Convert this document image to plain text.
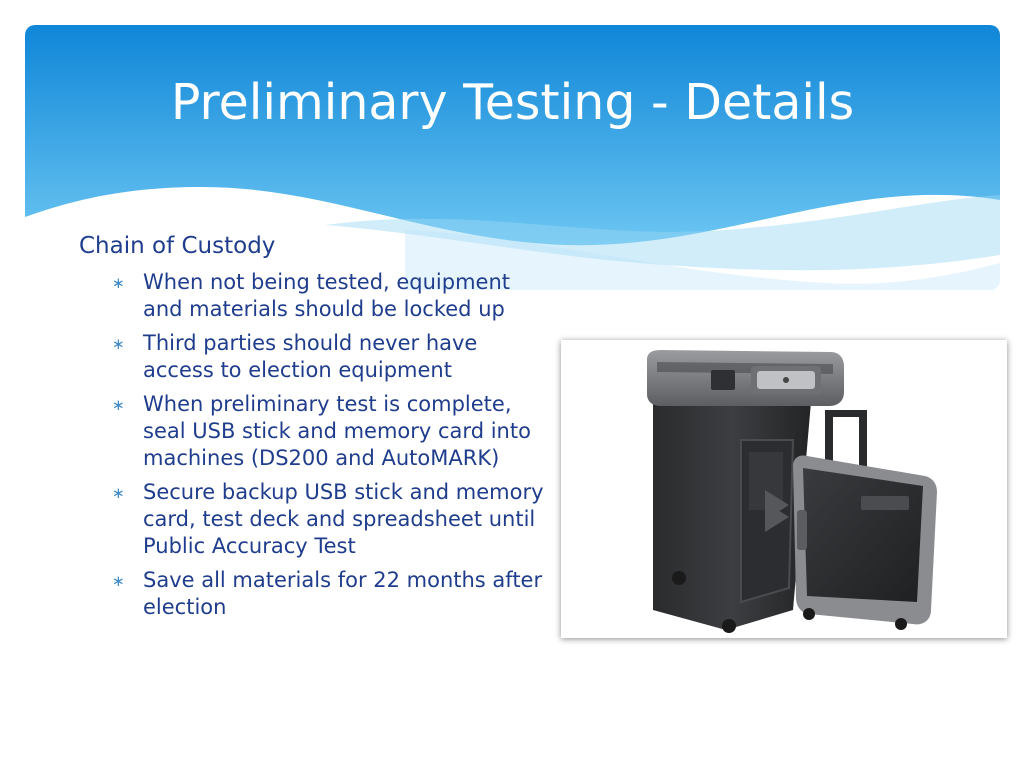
Preliminary Testing - Details
Chain of Custody
∗ When not being tested, equipment and materials should be locked up
∗ Third parties should never have access to election equipment
∗ When preliminary test is complete, seal USB stick and memory card into machines (DS200 and AutoMARK)
∗ Secure backup USB stick and memory card, test deck and spreadsheet until Public Accuracy Test
∗ Save all materials for 22 months after election
